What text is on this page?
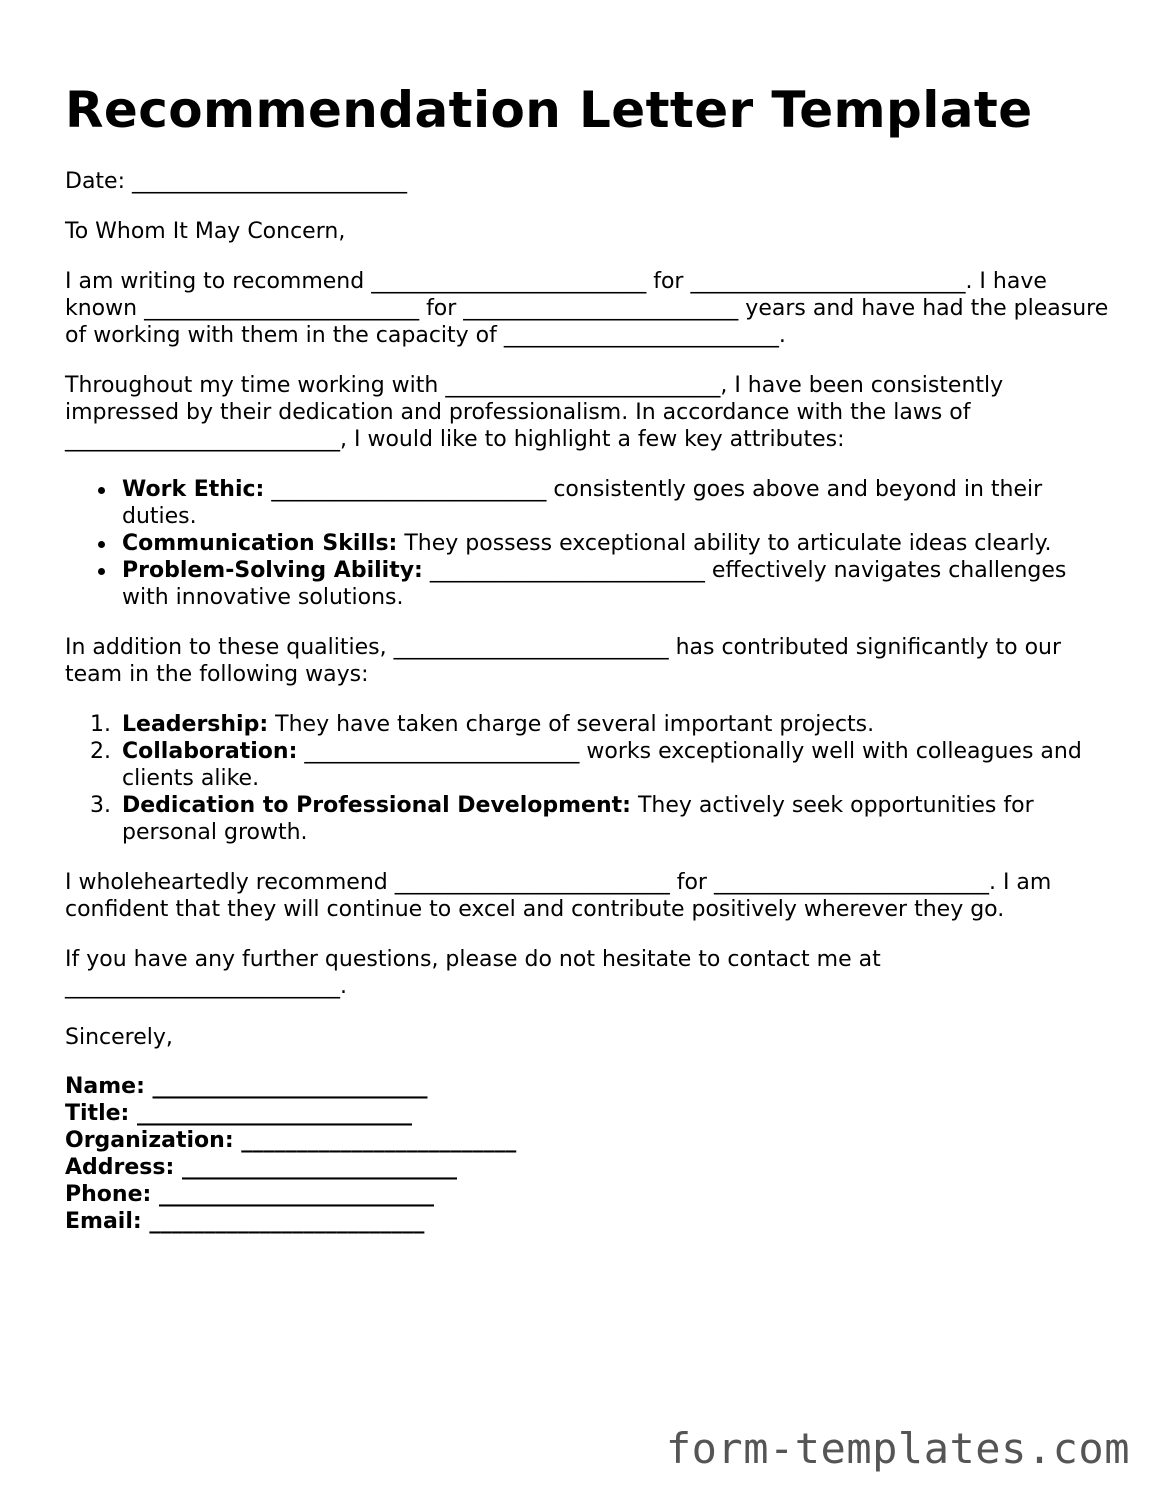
Recommendation Letter Template

Date: _________________________

To Whom It May Concern,

I am writing to recommend _________________________ for _________________________. I have known _________________________ for _________________________ years and have had the pleasure of working with them in the capacity of _________________________.

Throughout my time working with _________________________, I have been consistently impressed by their dedication and professionalism. In accordance with the laws of _________________________, I would like to highlight a few key attributes:

Work Ethic: _________________________ consistently goes above and beyond in their duties.
Communication Skills: They possess exceptional ability to articulate ideas clearly.
Problem-Solving Ability: _________________________ effectively navigates challenges with innovative solutions.

In addition to these qualities, _________________________ has contributed significantly to our team in the following ways:

1. Leadership: They have taken charge of several important projects.
2. Collaboration: _________________________ works exceptionally well with colleagues and clients alike.
3. Dedication to Professional Development: They actively seek opportunities for personal growth.

I wholeheartedly recommend _________________________ for _________________________. I am confident that they will continue to excel and contribute positively wherever they go.

If you have any further questions, please do not hesitate to contact me at _________________________.

Sincerely,

Name: _________________________
Title: _________________________
Organization: _________________________
Address: _________________________
Phone: _________________________
Email: _________________________
form-templates.com
